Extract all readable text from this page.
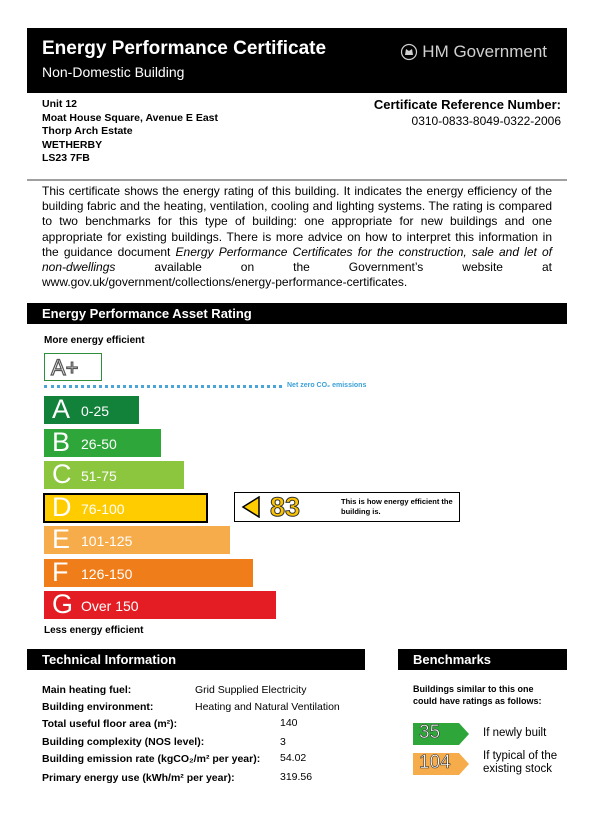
Energy Performance Certificate
Non-Domestic Building
HM Government
Unit 12
Moat House Square, Avenue E East
Thorp Arch Estate
WETHERBY
LS23 7FB
Certificate Reference Number:
0310-0833-8049-0322-2006
This certificate shows the energy rating of this building. It indicates the energy efficiency of the building fabric and the heating, ventilation, cooling and lighting systems. The rating is compared to two benchmarks for this type of building: one appropriate for new buildings and one appropriate for existing buildings. There is more advice on how to interpret this information in the guidance document Energy Performance Certificates for the construction, sale and let of non-dwellings available on the Government’s website at www.gov.uk/government/collections/energy-performance-certificates.
Energy Performance Asset Rating
More energy efficient
A+
Net zero CO₂ emissions
A 0-25
B 26-50
C 51-75
D 76-100
E 101-125
F 126-150
G Over 150
83	This is how energy efficient the building is.
Less energy efficient
Technical Information
Main heating fuel:	Grid Supplied Electricity
Building environment:	Heating and Natural Ventilation
Total useful floor area (m²):	140
Building complexity (NOS level):	3
Building emission rate (kgCO₂/m² per year): 54.02
Primary energy use (kWh/m² per year):	319.56
Benchmarks
Buildings similar to this one could have ratings as follows:
35	If newly built
104	If typical of the
existing stock
